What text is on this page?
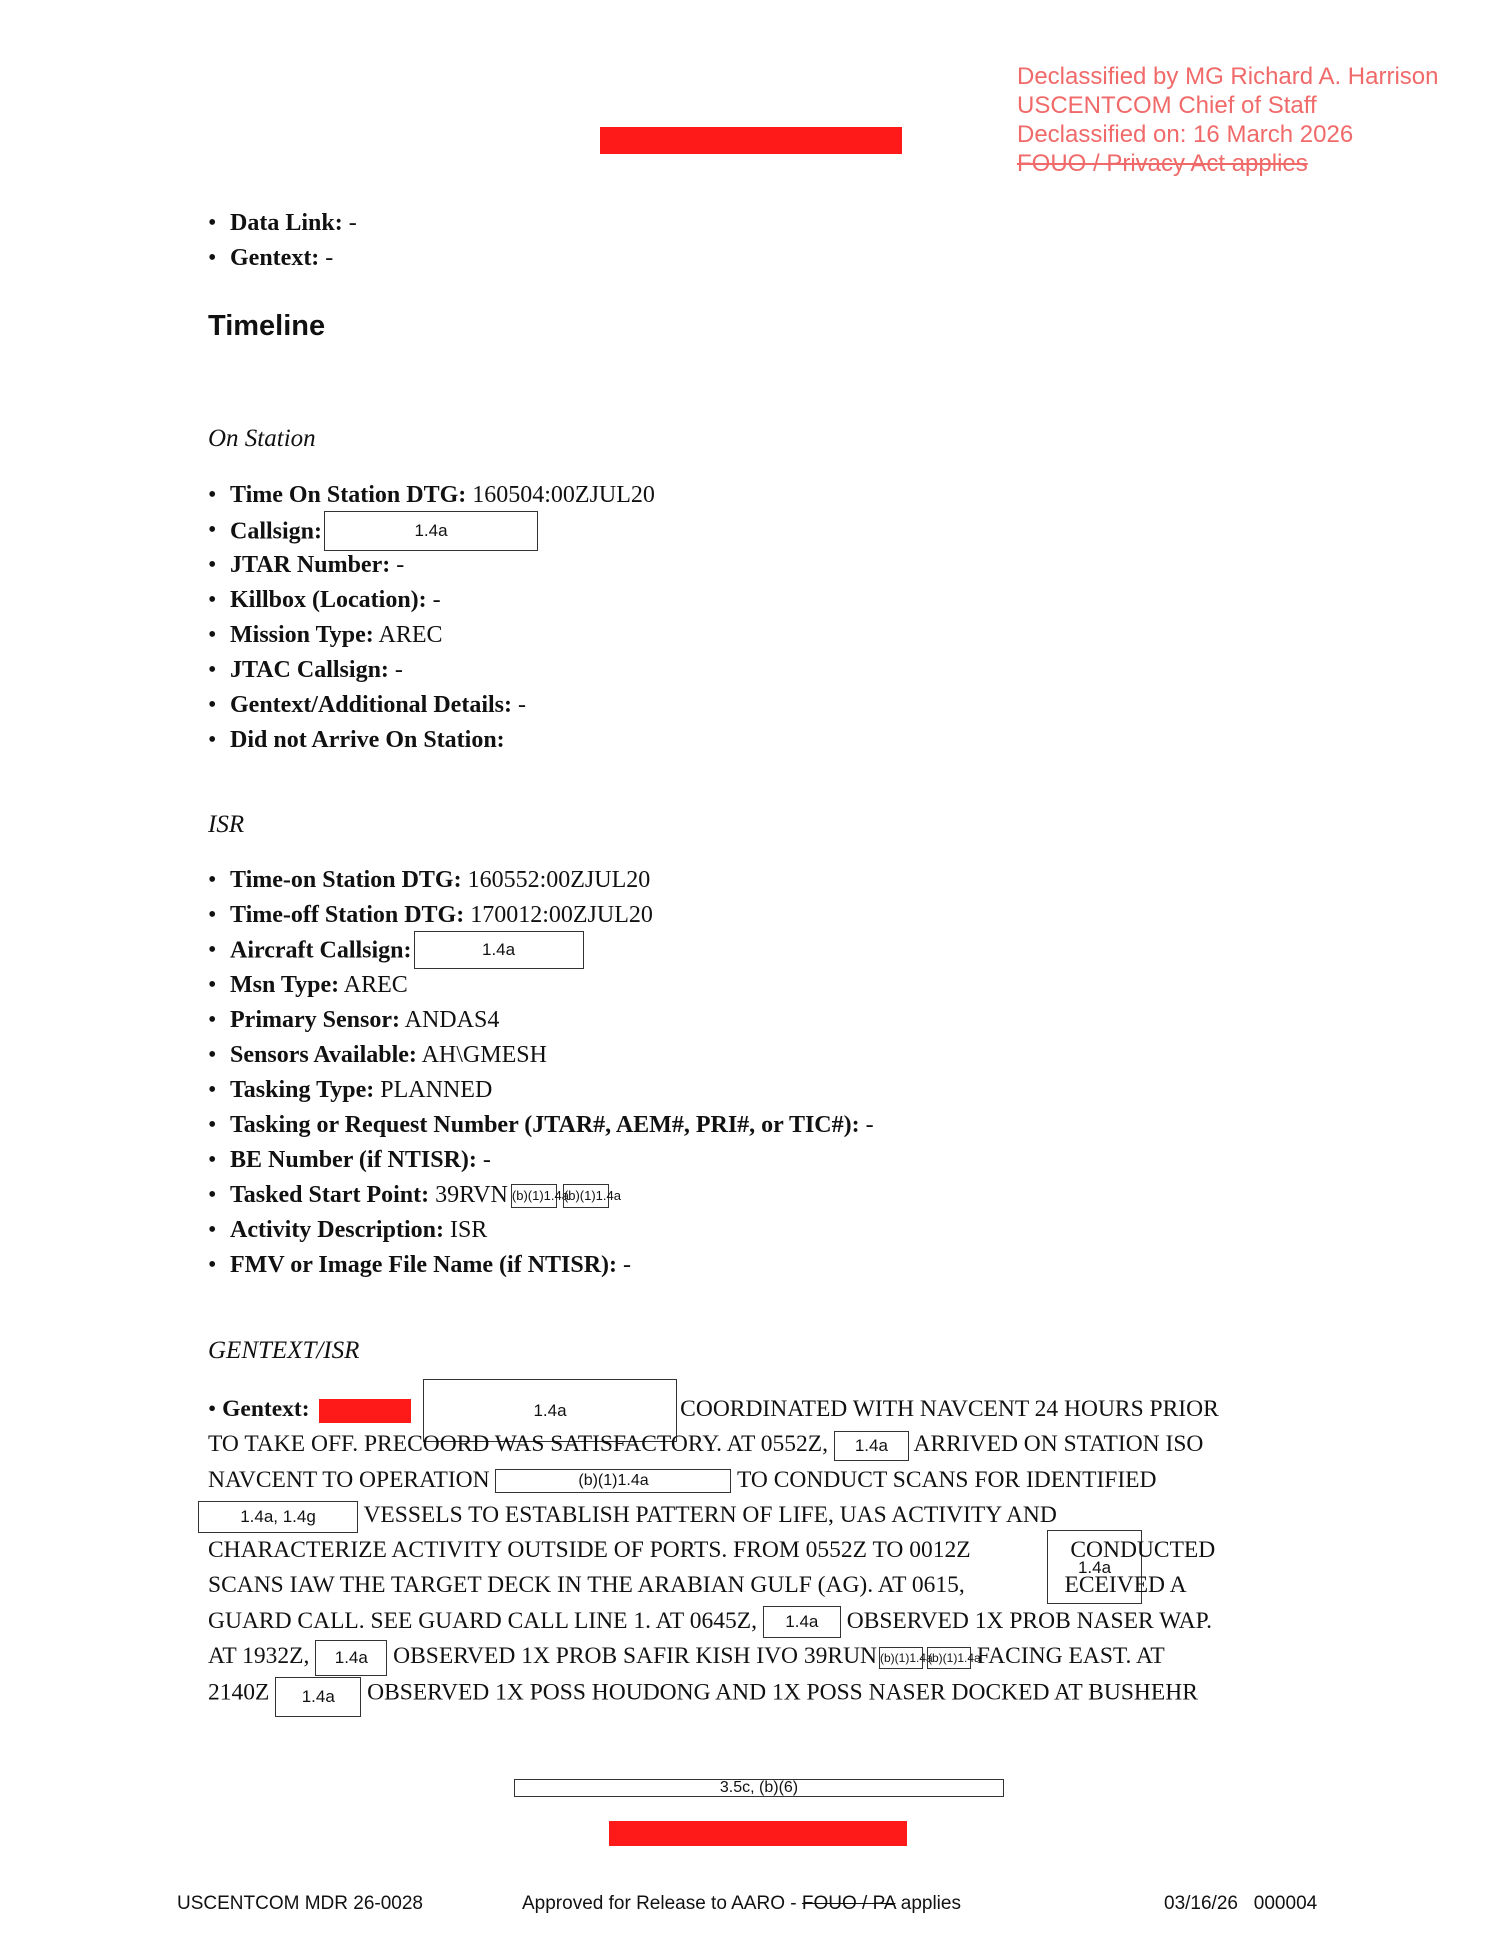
Declassified by MG Richard A. Harrison
USCENTCOM Chief of Staff
Declassified on: 16 March 2026
FOUO / Privacy Act applies
• Data Link: -
• Gentext: -
Timeline
On Station
• Time On Station DTG: 160504:00ZJUL20
• Callsign:	1.4a
• JTAR Number: -
• Killbox (Location): -
• Mission Type: AREC
• JTAC Callsign: -
• Gentext/Additional Details: -
• Did not Arrive On Station:
ISR
• Time-on Station DTG: 160552:00ZJUL20
• Time-off Station DTG: 170012:00ZJUL20
• Aircraft Callsign:	1.4a
• Msn Type: AREC
• Primary Sensor: ANDAS4
• Sensors Available: AH\GMESH
• Tasking Type: PLANNED
• Tasking or Request Number (JTAR#, AEM#, PRI#, or TIC#): -
• BE Number (if NTISR): -
• Tasked Start Point: 39RVN (b)(1)1.4a(b)(1)1.4a
• Activity Description: ISR
• FMV or Image File Name (if NTISR): -
GENTEXT/ISR
1.4a
1.4a
• Gentext:	COORDINATED WITH NAVCENT 24 HOURS PRIOR
TO TAKE OFF. PRECOORD WAS SATISFACTORY. AT 0552Z, 1.4a ARRIVED ON STATION ISO
NAVCENT TO OPERATION	(b)(1)1.4a	TO CONDUCT SCANS FOR IDENTIFIED
1.4a, 1.4g VESSELS TO ESTABLISH PATTERN OF LIFE, UAS ACTIVITY AND
CHARACTERIZE ACTIVITY OUTSIDE OF PORTS. FROM 0552Z TO 0012Z	CONDUCTED
SCANS IAW THE TARGET DECK IN THE ARABIAN GULF (AG). AT 0615,	ECEIVED A
GUARD CALL. SEE GUARD CALL LINE 1. AT 0645Z, 1.4a OBSERVED 1X PROB NASER WAP.
AT 1932Z, 1.4a OBSERVED 1X PROB SAFIR KISH IVO 39RUN (b)(1)1.4a(b)(1)1.4a FACING EAST. AT
2140Z 1.4a OBSERVED 1X POSS HOUDONG AND 1X POSS NASER DOCKED AT BUSHEHR
3.5c, (b)(6)
USCENTCOM MDR 26-0028	Approved for Release to AARO - FOUO / PA applies	03/16/26   000004
